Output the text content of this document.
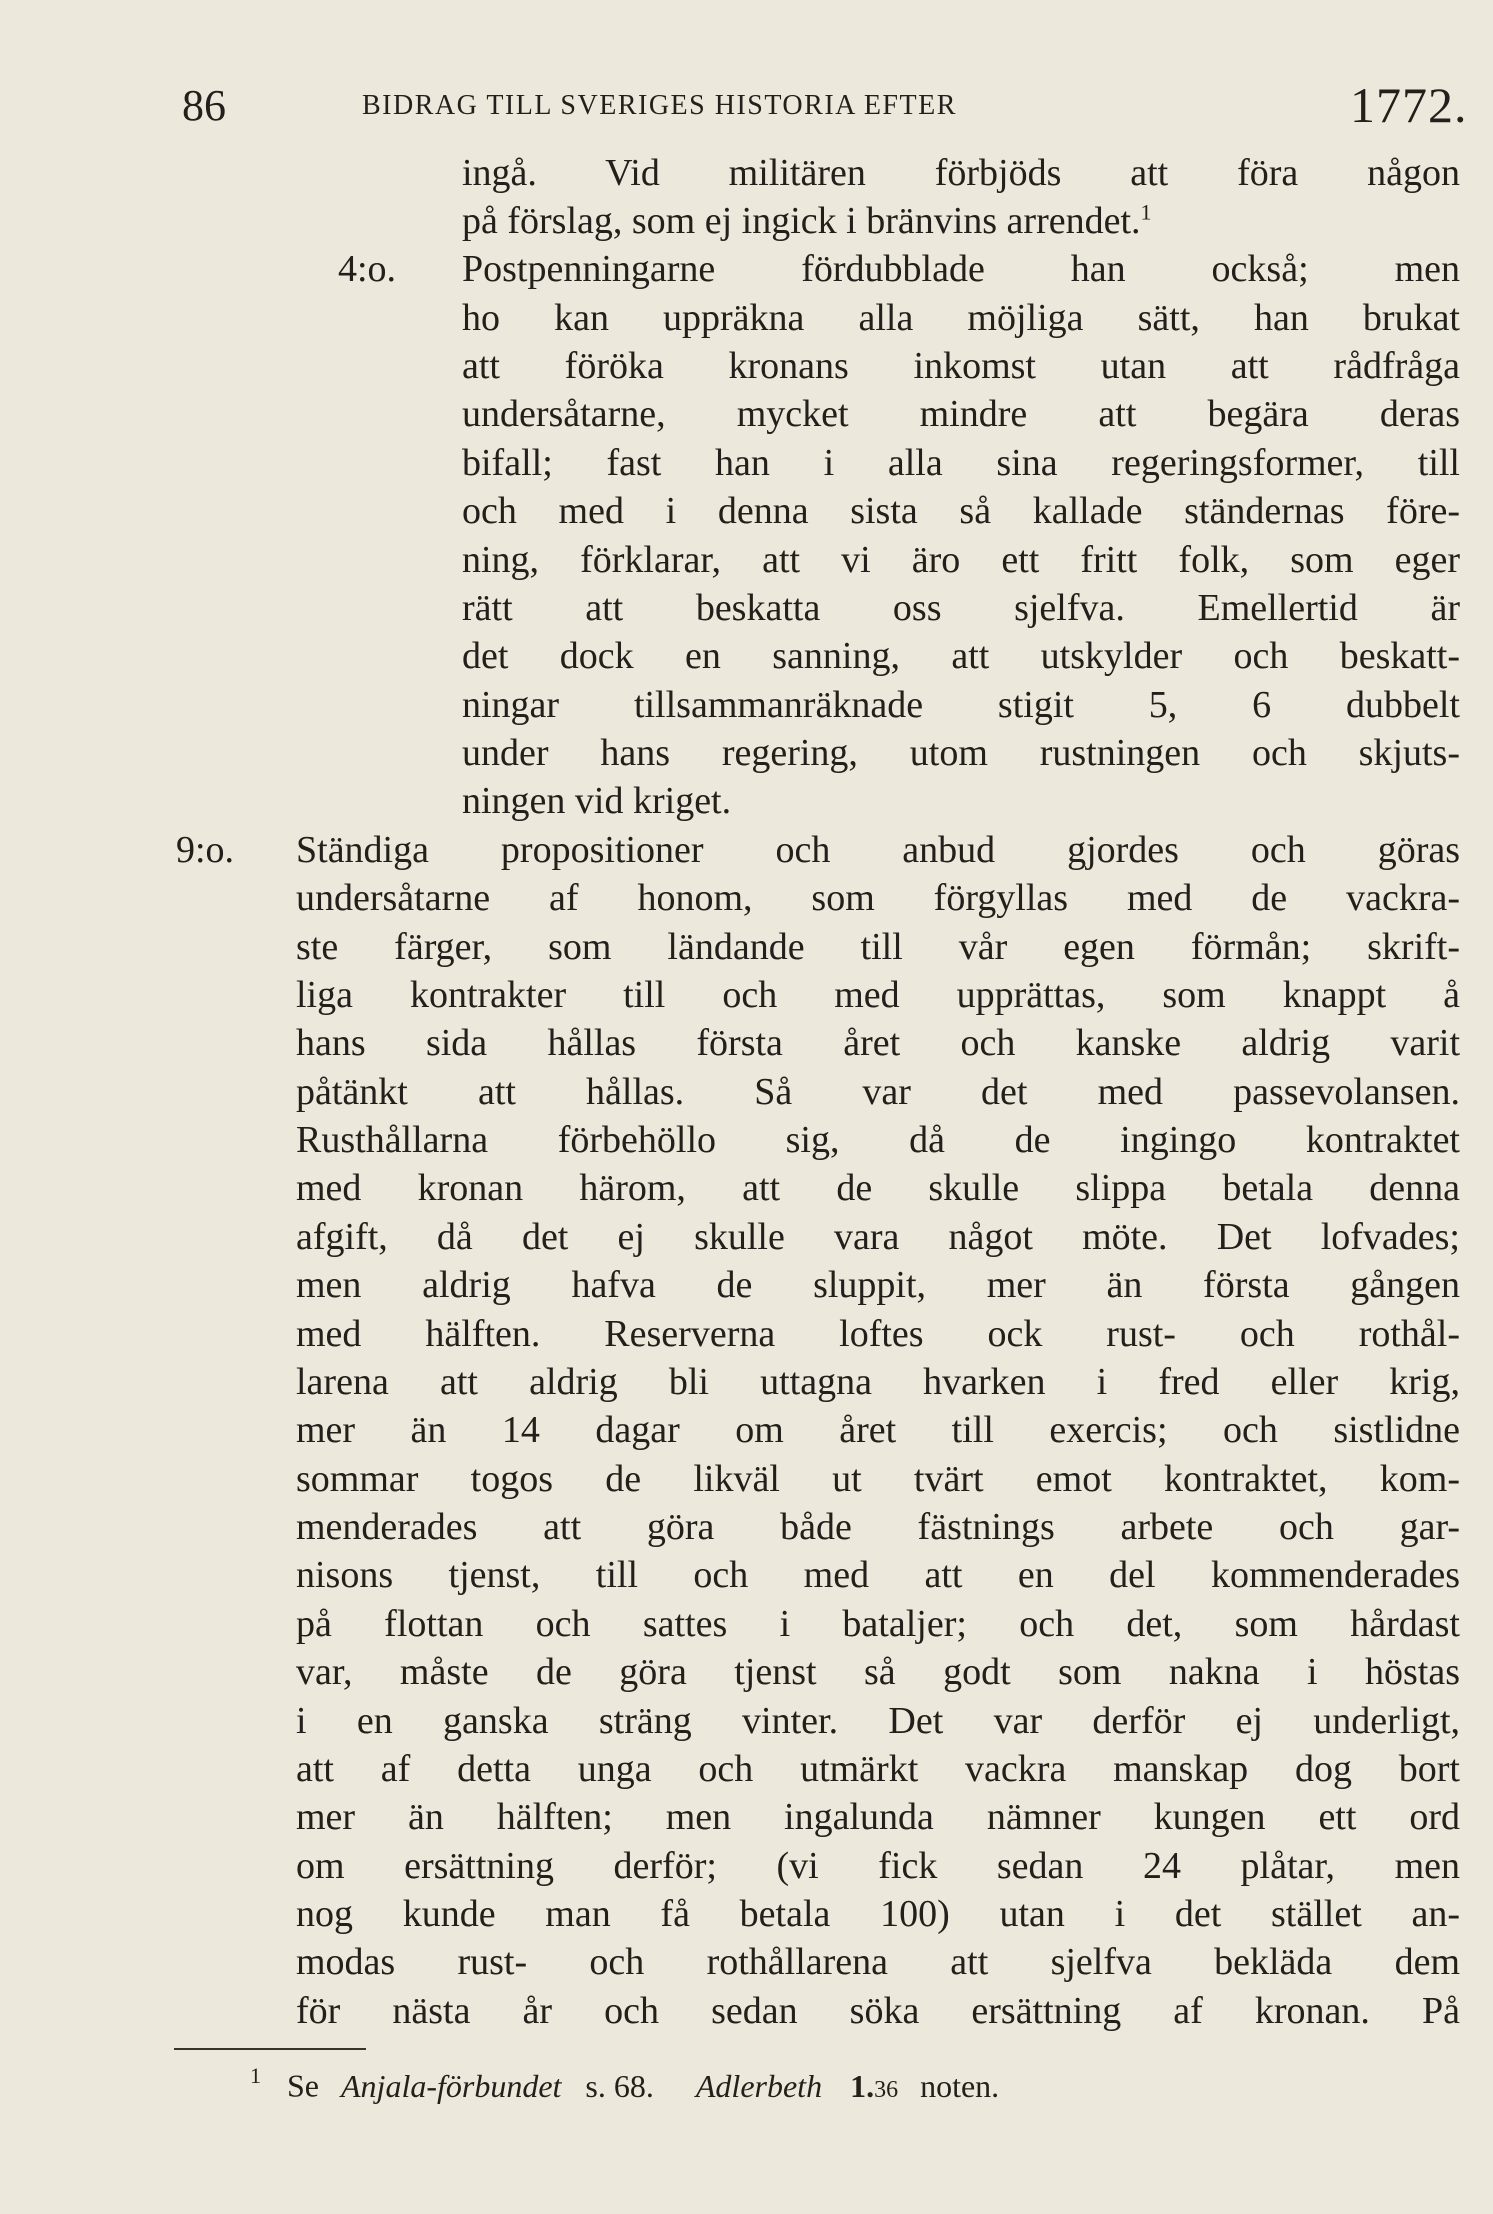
86	BIDRAG TILL SVERIGES HISTORIA EFTER	1772.
4:o.
9:o.
ingå. Vid militären förbjöds att föra någon
på förslag, som ej ingick i bränvins arrendet.$^1$
Postpenningarne fördubblade han också; men
ho kan uppräkna alla möjliga sätt, han brukat
att föröka kronans inkomst utan att rådfråga
undersåtarne, mycket mindre att begära deras
bifall; fast han i alla sina regeringsformer, till
och med i denna sista så kallade ständernas före-
ning, förklarar, att vi äro ett fritt folk, som eger
rätt att beskatta oss sjelfva. Emellertid är
det dock en sanning, att utskylder och beskatt-
ningar tillsammanräknade stigit 5, 6 dubbelt
under hans regering, utom rustningen och skjuts-
ningen vid kriget.
Ständiga propositioner och anbud gjordes och göras
undersåtarne af honom, som förgyllas med de vackra-
ste färger, som ländande till vår egen förmån; skrift-
liga kontrakter till och med upprättas, som knappt å
hans sida hållas första året och kanske aldrig varit
påtänkt att hållas. Så var det med passevolansen.
Rusthållarna förbehöllo sig, då de ingingo kontraktet
med kronan härom, att de skulle slippa betala denna
afgift, då det ej skulle vara något möte. Det lofvades;
men aldrig hafva de sluppit, mer än första gången
med hälften. Reserverna loftes ock rust- och rothål-
larena att aldrig bli uttagna hvarken i fred eller krig,
mer än 14 dagar om året till exercis; och sistlidne
sommar togos de likväl ut tvärt emot kontraktet, kom-
menderades att göra både fästnings arbete och gar-
nisons tjenst, till och med att en del kommenderades
på flottan och sattes i bataljer; och det, som hårdast
var, måste de göra tjenst så godt som nakna i höstas
i en ganska sträng vinter. Det var derför ej underligt,
att af detta unga och utmärkt vackra manskap dog bort
mer än hälften; men ingalunda nämner kungen ett ord
om ersättning derför; (vi fick sedan 24 plåtar, men
nog kunde man få betala 100) utan i det stället an-
modas rust- och rothållarena att sjelfva bekläda dem
för nästa år och sedan söka ersättning af kronan. På
$^1$ Se Anjala-förbundet s. 68. Adlerbeth 1.36 noten.
